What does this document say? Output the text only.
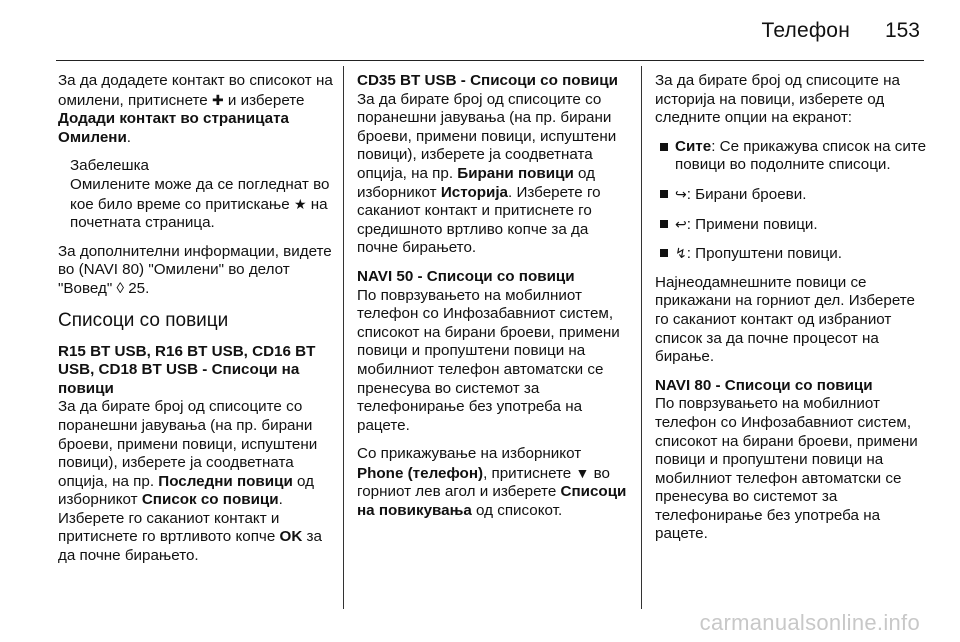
Телефон 153

За да додадете контакт во списокот на омилени, притиснете ✚ и изберете Додади контакт во страницата Омилени.

Забелешка
Омилените може да се погледнат во кое било време со притискање ★ на почетната страница.

За дополнителни информации, видете во (NAVI 80) "Омилени" во делот "Вовед" ◊ 25.

Списоци со повици

R15 BT USB, R16 BT USB, CD16 BT USB, CD18 BT USB - Списоци на повици

За да бирате број од списоците со поранешни јавувања (на пр. бирани броеви, примени повици, испуштени повици), изберете ја соодветната опција, на пр. Последни повици од изборникот Список со повици. Изберете го саканиот контакт и притиснете го вртливото копче OK за да почне бирањето.

CD35 BT USB - Списоци со повици

За да бирате број од списоците со поранешни јавувања (на пр. бирани броеви, примени повици, испуштени повици), изберете ја соодветната опција, на пр. Бирани повици од изборникот Историја. Изберете го саканиот контакт и притиснете го средишното вртливо копче за да почне бирањето.

NAVI 50 - Списоци со повици

По поврзувањето на мобилниот телефон со Инфозабавниот систем, списокот на бирани броеви, примени повици и пропуштени повици на мобилниот телефон автоматски се пренесува во системот за телефонирање без употреба на рацете.

Со прикажување на изборникот Phone (телефон), притиснете ▼ во горниот лев агол и изберете Списоци на повикувања од списокот.

За да бирате број од списоците на историја на повици, изберете од следните опции на екранот:

Сите: Се прикажува список на сите повици во подолните списоци.
↪: Бирани броеви.
↩: Примени повици.
↯: Пропуштени повици.

Најнеодамнешните повици се прикажани на горниот дел. Изберете го саканиот контакт од избраниот список за да почне процесот на бирање.

NAVI 80 - Списоци со повици

По поврзувањето на мобилниот телефон со Инфозабавниот систем, списокот на бирани броеви, примени повици и пропуштени повици на мобилниот телефон автоматски се пренесува во системот за телефонирање без употреба на рацете.

carmanualsonline.info
